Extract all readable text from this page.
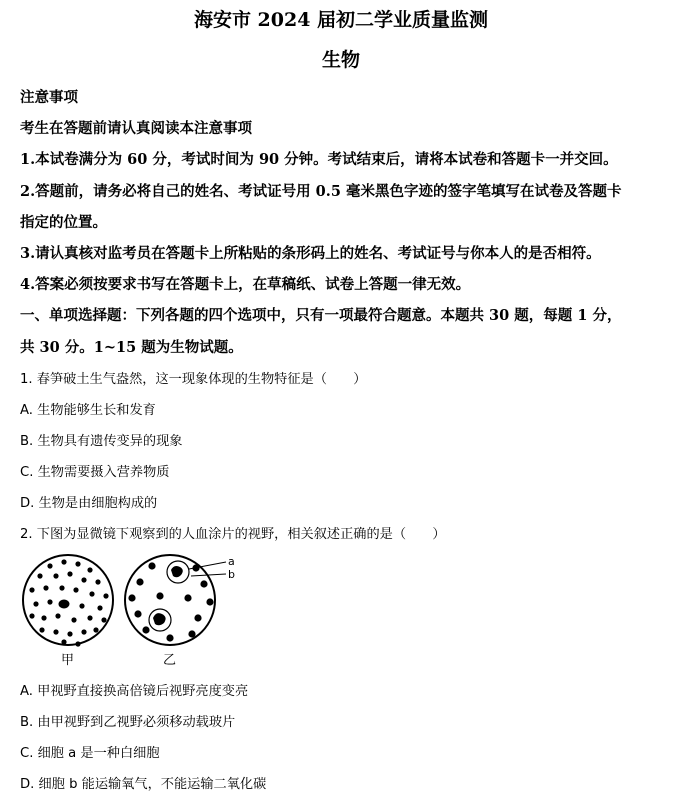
海安市 2024 届初二学业质量监测
生物
注意事项
考生在答题前请认真阅读本注意事项
1.本试卷满分为 60 分，考试时间为 90 分钟。考试结束后，请将本试卷和答题卡一并交回。
2.答题前，请务必将自己的姓名、考试证号用 0.5 毫米黑色字迹的签字笔填写在试卷及答题卡
指定的位置。
3.请认真核对监考员在答题卡上所粘贴的条形码上的姓名、考试证号与你本人的是否相符。
4.答案必须按要求书写在答题卡上，在草稿纸、试卷上答题一律无效。
一、单项选择题：下列各题的四个选项中，只有一项最符合题意。本题共 30 题，每题 1 分，
共 30 分。1~15 题为生物试题。
1. 春笋破土生气盎然，这一现象体现的生物特征是（　　）
A. 生物能够生长和发育
B. 生物具有遗传变异的现象
C. 生物需要摄入营养物质
D. 生物是由细胞构成的
2. 下图为显微镜下观察到的人血涂片的视野，相关叙述正确的是（　　）
a
b
甲	乙
A. 甲视野直接换高倍镜后视野亮度变亮
B. 由甲视野到乙视野必须移动载玻片
C. 细胞 a 是一种白细胞
D. 细胞 b 能运输氧气，不能运输二氧化碳
